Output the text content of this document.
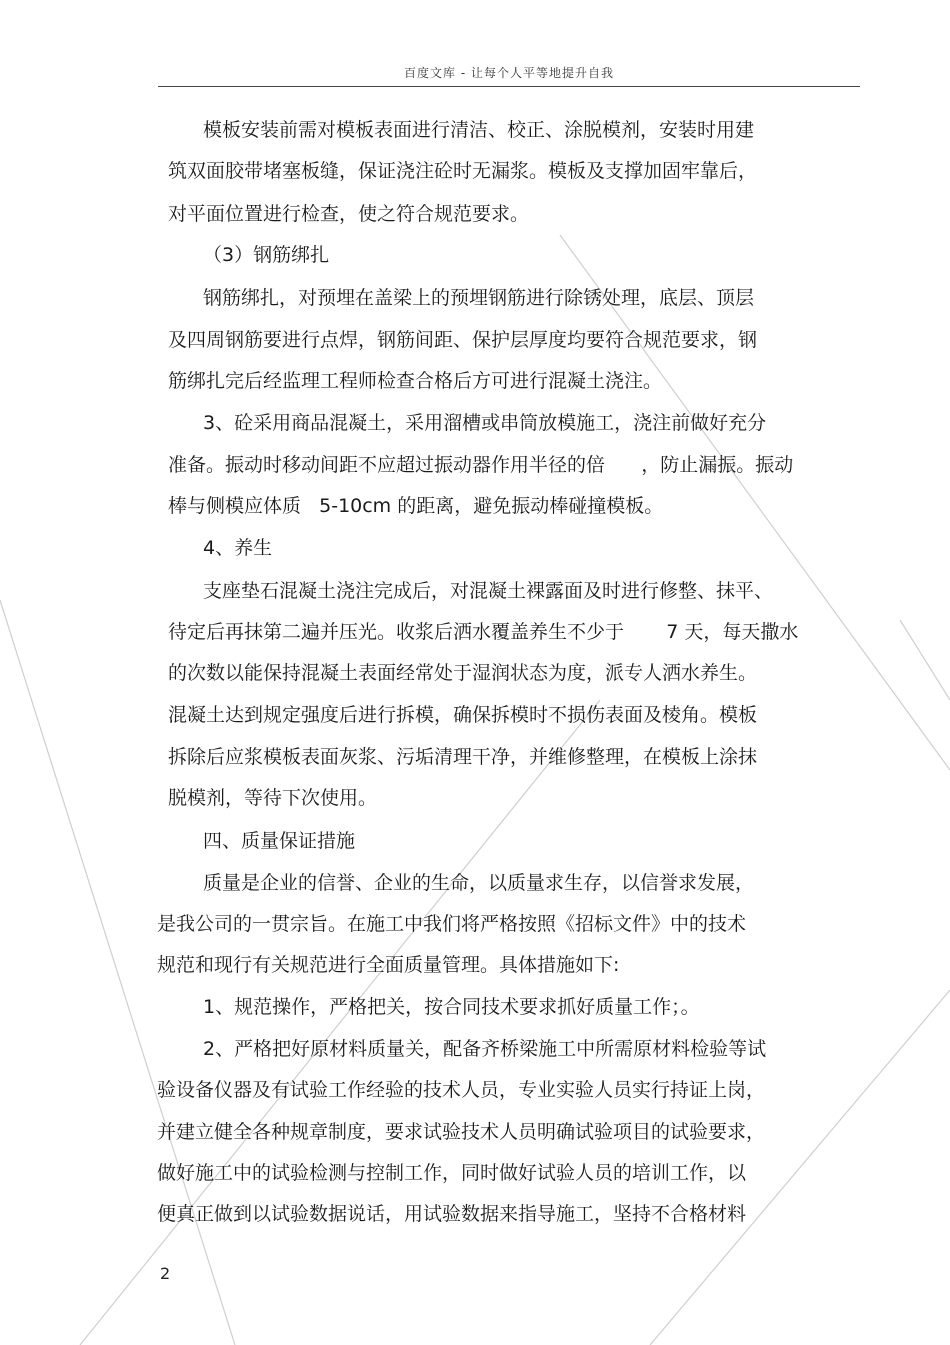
百度文库 - 让每个人平等地提升自我
模板安装前需对模板表面进行清洁、校正、涂脱模剂，安装时用建
筑双面胶带堵塞板缝，保证浇注砼时无漏浆。模板及支撑加固牢靠后，
对平面位置进行检查，使之符合规范要求。
（3）钢筋绑扎
钢筋绑扎，对预埋在盖梁上的预埋钢筋进行除锈处理，底层、顶层
及四周钢筋要进行点焊，钢筋间距、保护层厚度均要符合规范要求，钢
筋绑扎完后经监理工程师检查合格后方可进行混凝土浇注。
3、砼采用商品混凝土，采用溜槽或串筒放模施工，浇注前做好充分
准备。振动时移动间距不应超过振动器作用半径的倍      ，防止漏振。振动
棒与侧模应体质   5-10cm 的距离，避免振动棒碰撞模板。
4、养生
支座垫石混凝土浇注完成后，对混凝土裸露面及时进行修整、抹平、
待定后再抹第二遍并压光。收浆后洒水覆盖养生不少于       7 天，每天撒水
的次数以能保持混凝土表面经常处于湿润状态为度，派专人洒水养生。
混凝土达到规定强度后进行拆模，确保拆模时不损伤表面及棱角。模板
拆除后应浆模板表面灰浆、污垢清理干净，并维修整理，在模板上涂抹
脱模剂，等待下次使用。
四、质量保证措施
质量是企业的信誉、企业的生命，以质量求生存，以信誉求发展，
是我公司的一贯宗旨。在施工中我们将严格按照《招标文件》中的技术
规范和现行有关规范进行全面质量管理。具体措施如下:
1、规范操作，严格把关，按合同技术要求抓好质量工作；。
2、严格把好原材料质量关，配备齐桥梁施工中所需原材料检验等试
验设备仪器及有试验工作经验的技术人员，专业实验人员实行持证上岗，
并建立健全各种规章制度，要求试验技术人员明确试验项目的试验要求，
做好施工中的试验检测与控制工作，同时做好试验人员的培训工作，以
便真正做到以试验数据说话，用试验数据来指导施工，坚持不合格材料
2
